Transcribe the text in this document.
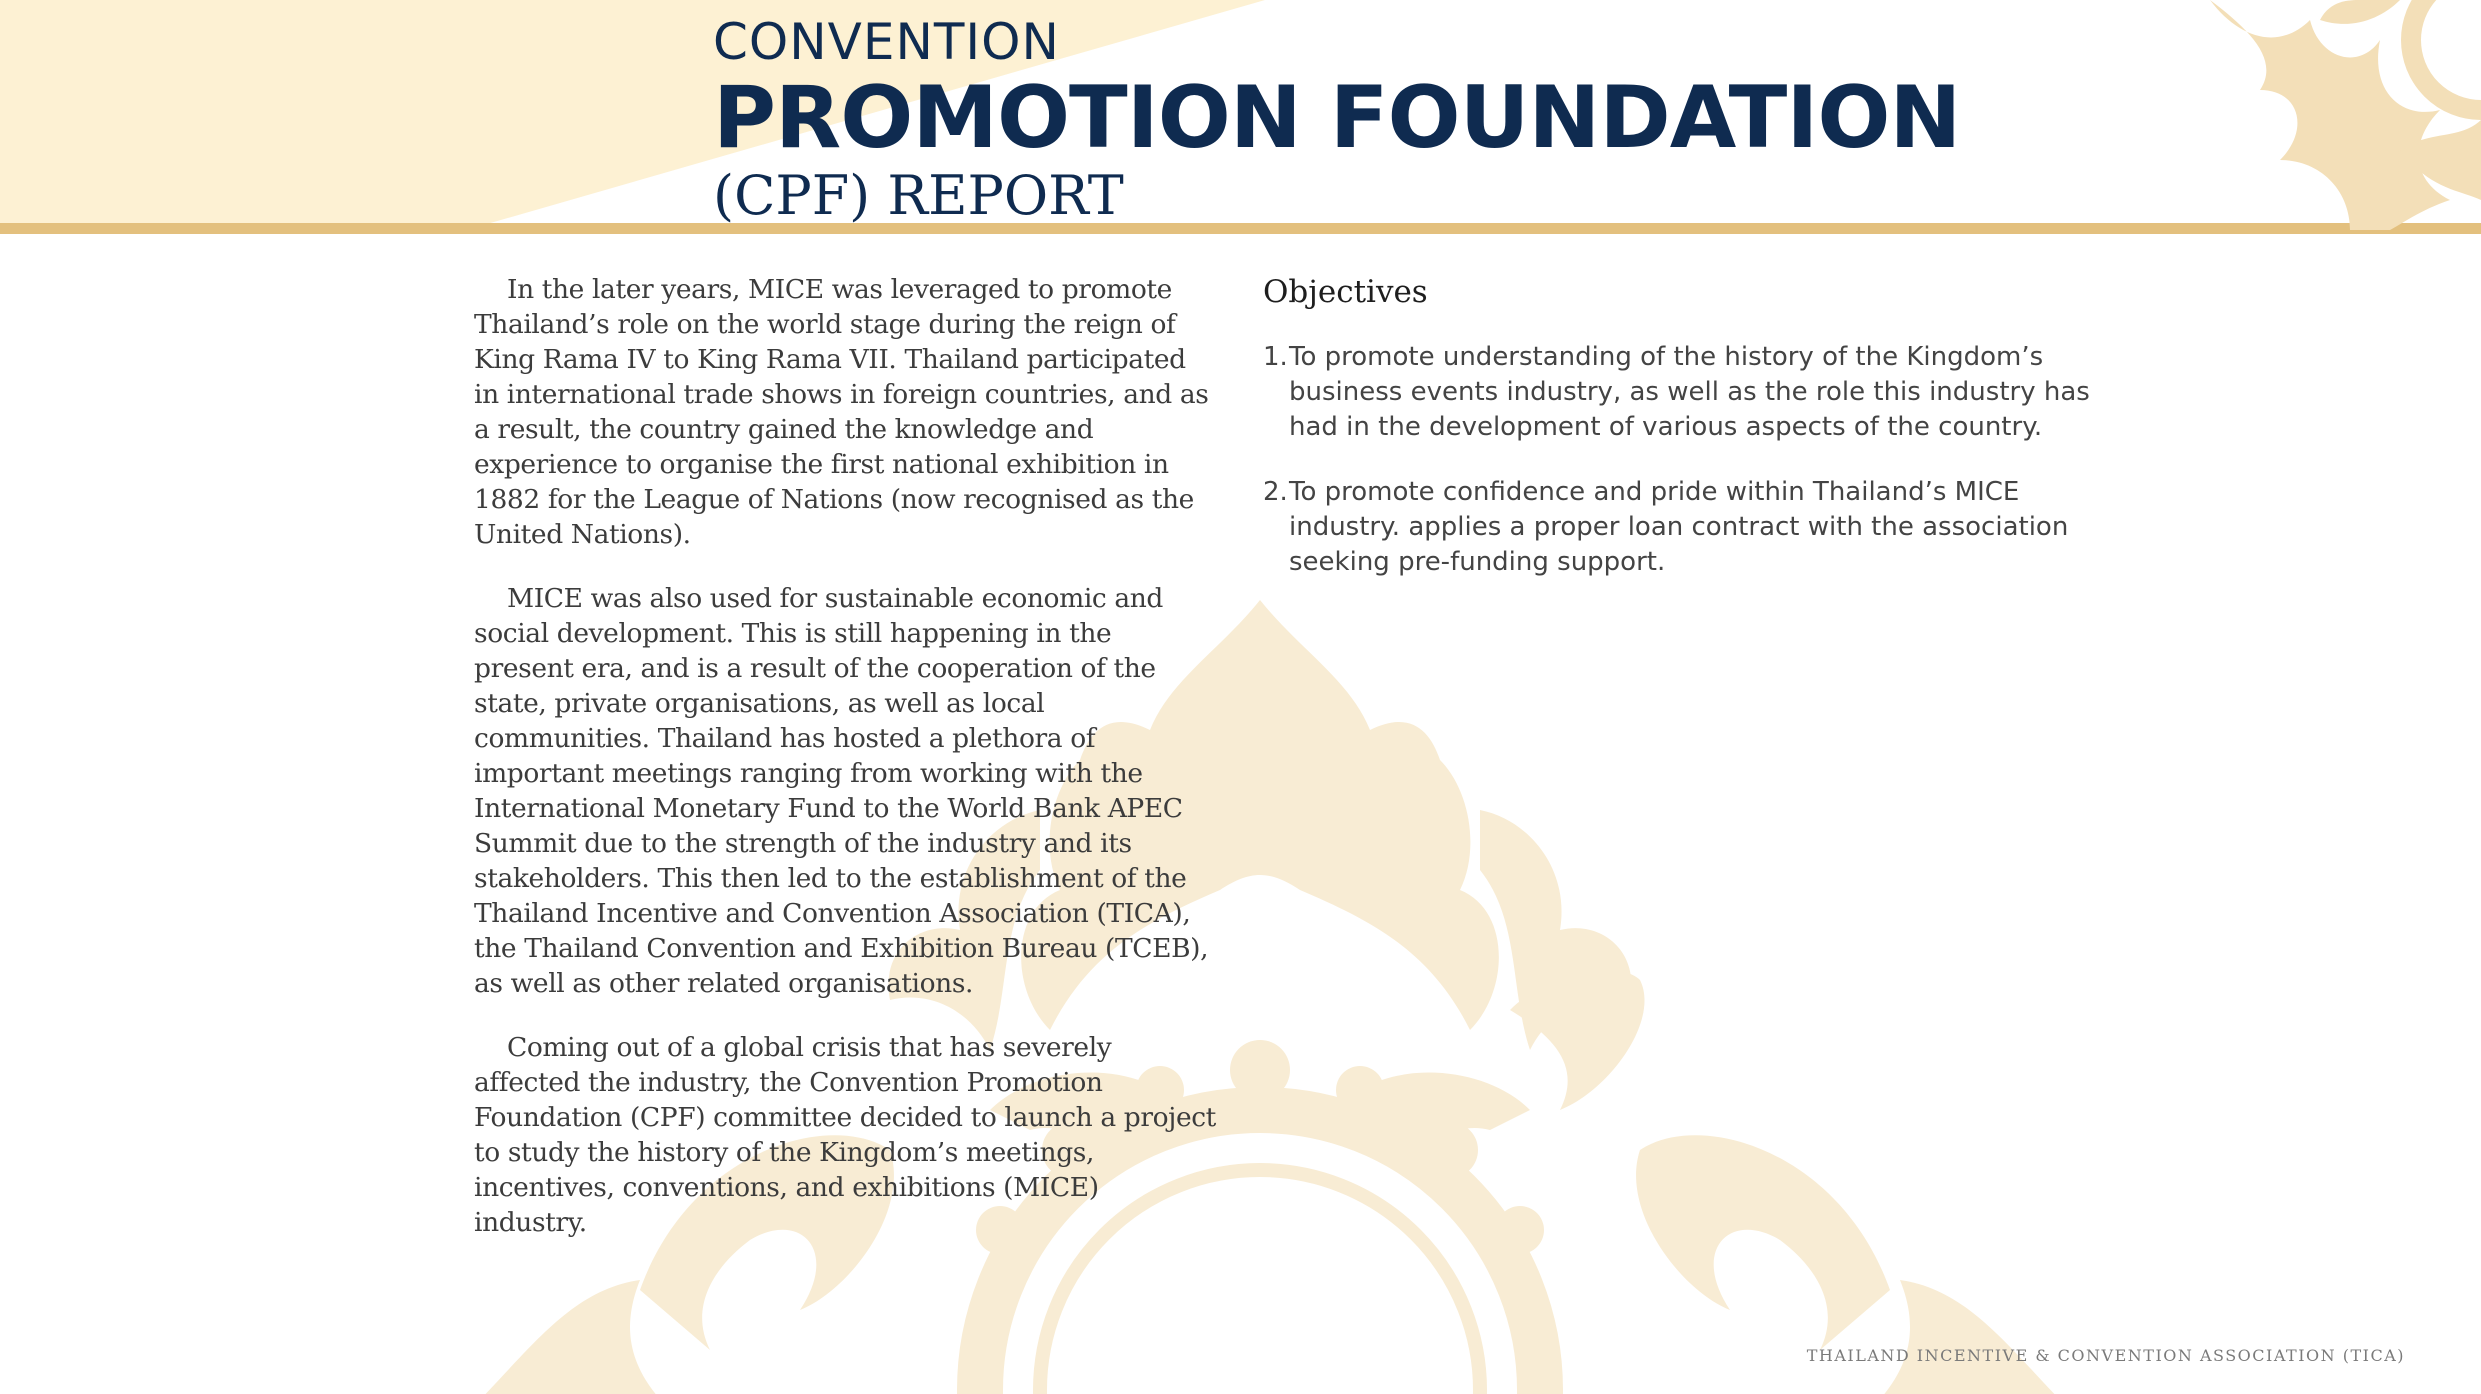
CONVENTION
PROMOTION FOUNDATION
(CPF) REPORT

In the later years, MICE was leveraged to promote Thailand’s role on the world stage during the reign of King Rama IV to King Rama VII. Thailand participated in international trade shows in foreign countries, and as a result, the country gained the knowledge and experience to organise the first national exhibition in 1882 for the League of Nations (now recognised as the United Nations).

MICE was also used for sustainable economic and social development. This is still happening in the present era, and is a result of the cooperation of the state, private organisations, as well as local communities. Thailand has hosted a plethora of important meetings ranging from working with the International Monetary Fund to the World Bank APEC Summit due to the strength of the industry and its stakeholders. This then led to the establishment of the Thailand Incentive and Convention Association (TICA), the Thailand Convention and Exhibition Bureau (TCEB), as well as other related organisations.

Coming out of a global crisis that has severely affected the industry, the Convention Promotion Foundation (CPF) committee decided to launch a project to study the history of the Kingdom’s meetings, incentives, conventions, and exhibitions (MICE) industry.

Objectives
1. To promote understanding of the history of the Kingdom’s business events industry, as well as the role this industry has had in the development of various aspects of the country.
2. To promote confidence and pride within Thailand’s MICE industry. applies a proper loan contract with the association seeking pre-funding support.
THAILAND INCENTIVE & CONVENTION ASSOCIATION (TICA)
